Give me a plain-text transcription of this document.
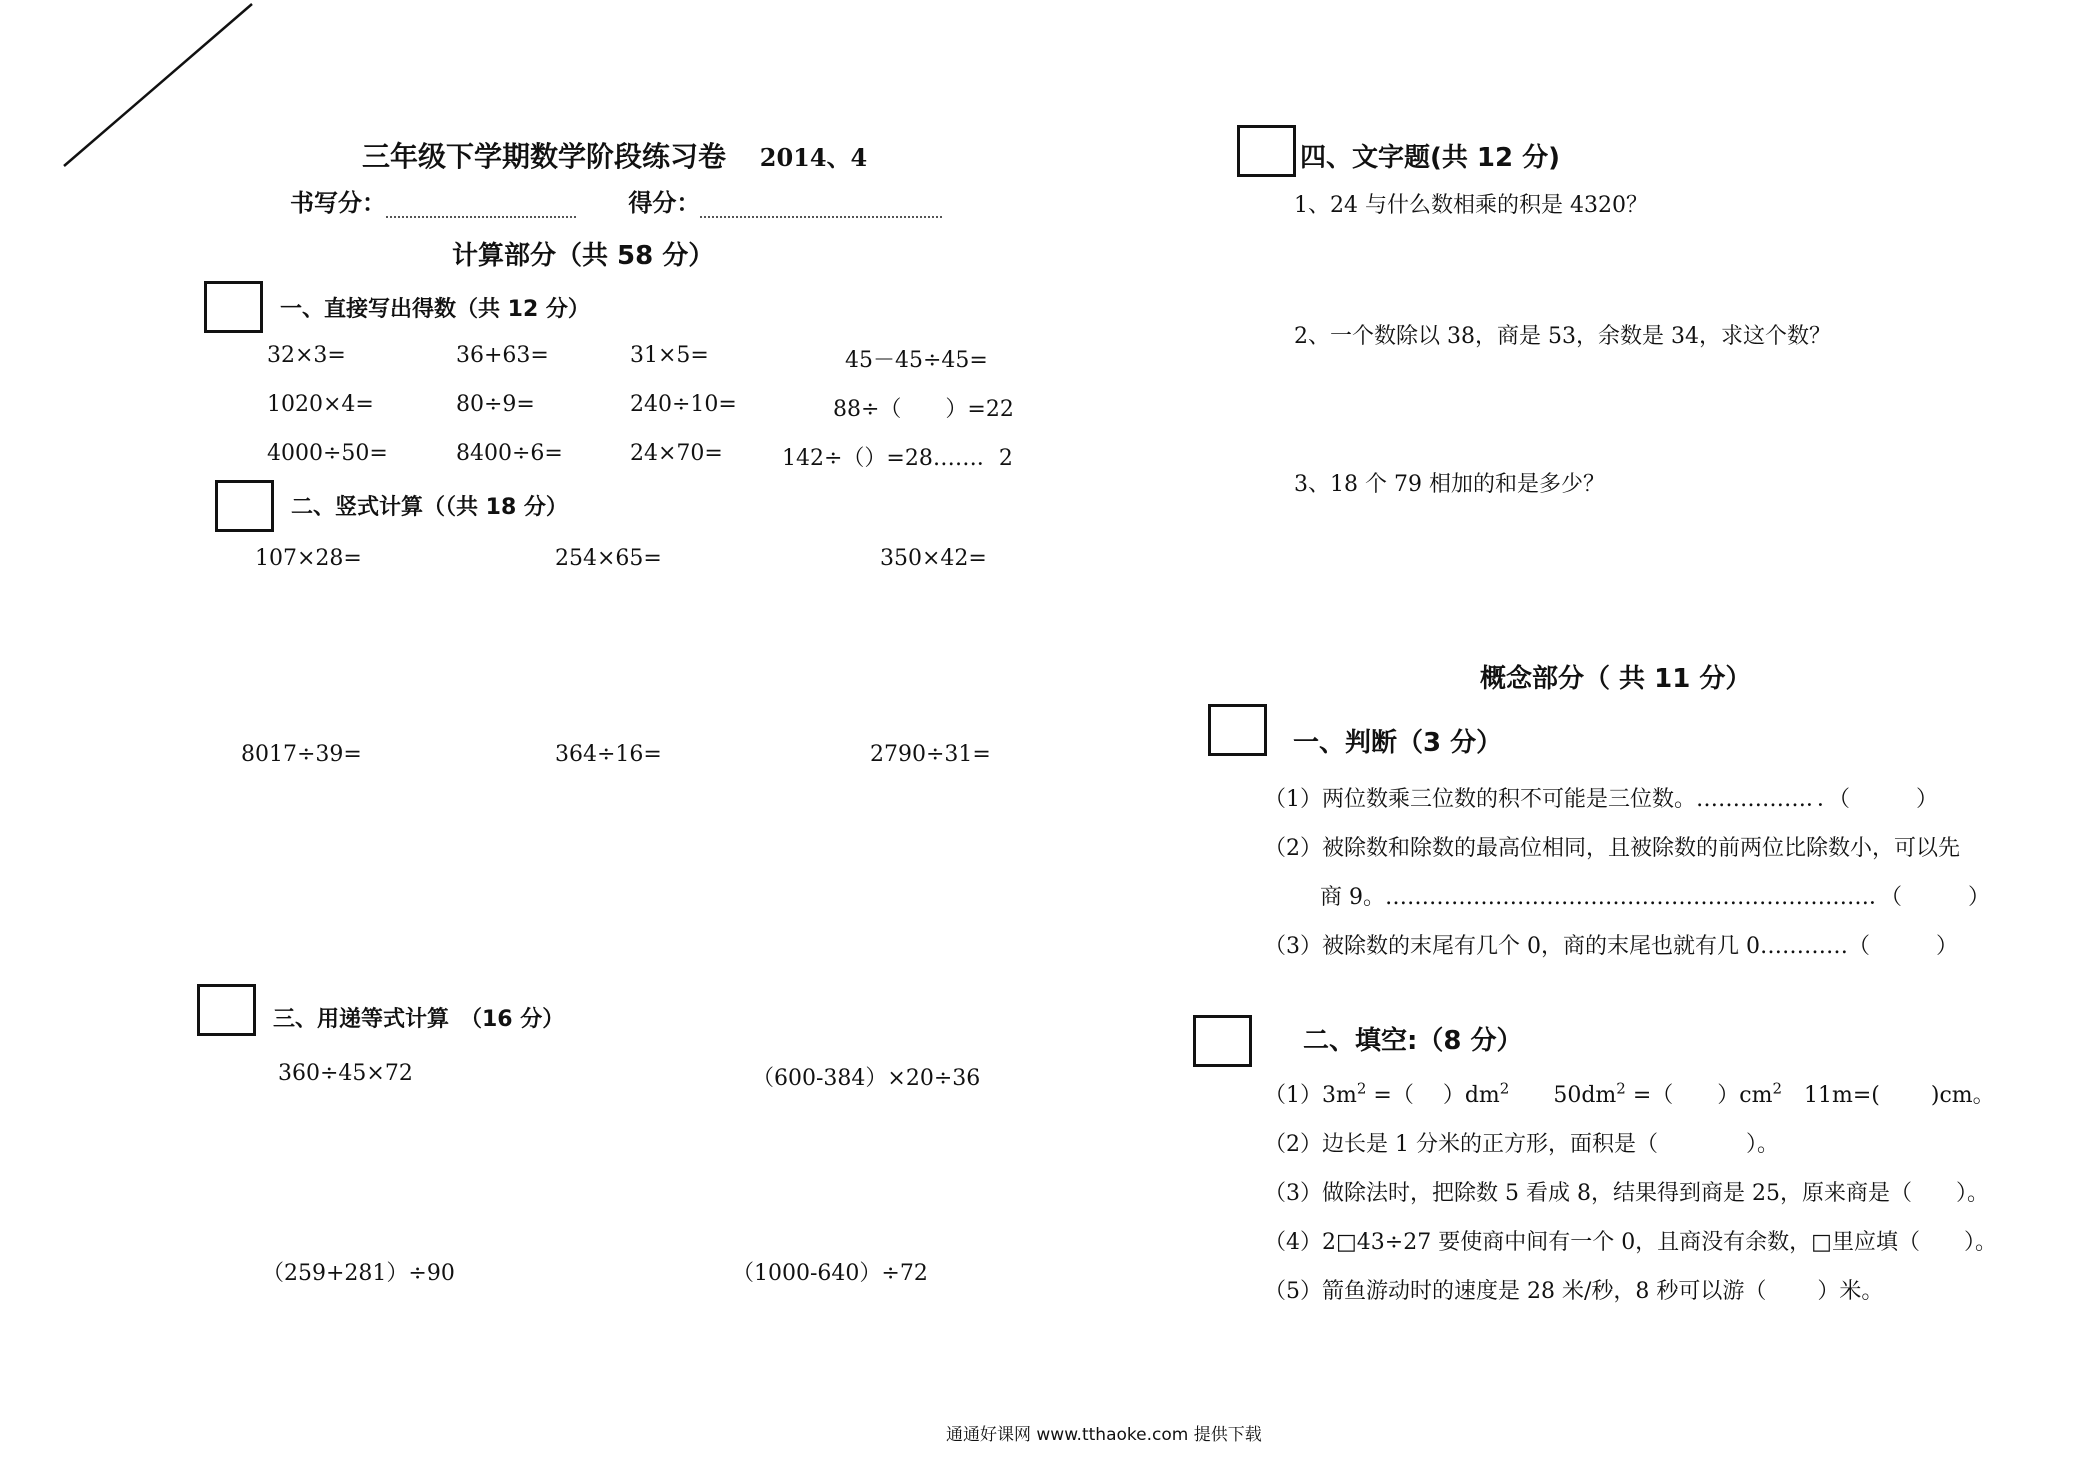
三年级下学期数学阶段练习卷 2014、4
书写分：	得分：
计算部分（共 58 分）
一、直接写出得数（共 12 分）
32×3=	36+63=	31×5=	45－45÷45=
1020×4=	80÷9=	240÷10=	88÷（　　）=22
4000÷50=	8400÷6=	24×70=	142÷（）=28……．2
二、竖式计算（（共 18 分）
107×28=	254×65=	350×42=
8017÷39=	364÷16=	2790÷31=
三、用递等式计算　（16 分）
360÷45×72	（600-384）×20÷36
（259+281）÷90	（1000-640）÷72
四、文字题(共 12 分)
1、24 与什么数相乘的积是 4320？
2、一个数除以 38，商是 53，余数是 34，求这个数？
3、18 个 79 相加的和是多少？
概念部分（ 共 11 分）
一、判断（3 分）
（1）两位数乘三位数的积不可能是三位数。……………．．（　　　）
（2）被除数和除数的最高位相同，且被除数的前两位比除数小，可以先
商 9。…………………………………………………………．（　　　）
（3）被除数的末尾有几个 0，商的末尾也就有几 0…………（　　　）
二、填空:（8 分）
$(1)3m^2$ =（　 ）$dm^2$　　$50dm^2$ =（　　）$cm^2$　11m=(　　 )cm。
（2）边长是 1 分米的正方形，面积是（　　　　）。
（3）做除法时，把除数 5 看成 8，结果得到商是 25，原来商是（　　）。
（4）2□43÷27 要使商中间有一个 0，且商没有余数，□里应填（　　）。
（5）箭鱼游动时的速度是 28 米/秒，8 秒可以游（　　 ）米。
通通好课网 www.tthaoke.com 提供下载
